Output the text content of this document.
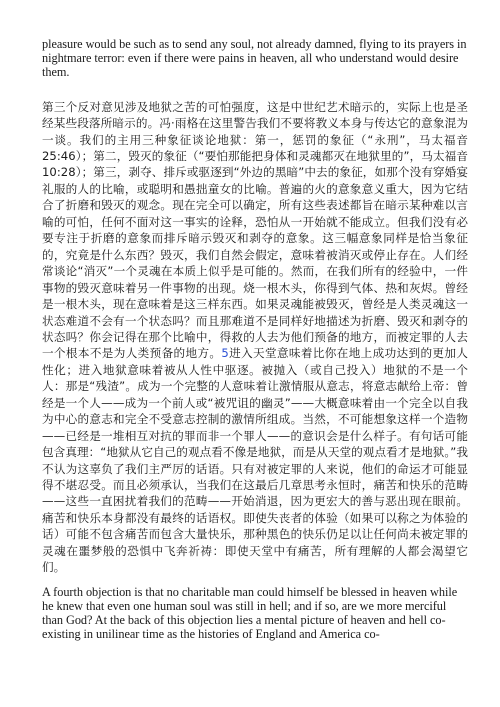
pleasure would be such as to send any soul, not already damned, flying to its prayers in nightmare terror: even if there were pains in heaven, all who understand would desire them.

第三个反对意见涉及地狱之苦的可怕强度，这是中世纪艺术暗示的，实际上也是圣经某些段落所暗示的。冯·雨格在这里警告我们不要将教义本身与传达它的意象混为一谈。我们的主用三种象征谈论地狱：第一，惩罚的象征（“永刑”，马太福音25:46）；第二，毁灭的象征（“要怕那能把身体和灵魂都灭在地狱里的”，马太福音10:28）；第三，剥夺、排斥或驱逐到“外边的黑暗”中去的象征，如那个没有穿婚宴礼服的人的比喻，或聪明和愚拙童女的比喻。普遍的火的意象意义重大，因为它结合了折磨和毁灭的观念。现在完全可以确定，所有这些表述都旨在暗示某种难以言喻的可怕，任何不面对这一事实的诠释，恐怕从一开始就不能成立。但我们没有必要专注于折磨的意象而排斥暗示毁灭和剥夺的意象。这三幅意象同样是恰当象征的，究竟是什么东西？毁灭，我们自然会假定，意味着被消灭或停止存在。人们经常谈论“消灭”一个灵魂在本质上似乎是可能的。然而，在我们所有的经验中，一件事物的毁灭意味着另一件事物的出现。烧一根木头，你得到气体、热和灰烬。曾经是一根木头，现在意味着是这三样东西。如果灵魂能被毁灭，曾经是人类灵魂这一状态难道不会有一个状态吗？而且那难道不是同样好地描述为折磨、毁灭和剥夺的状态吗？你会记得在那个比喻中，得救的人去为他们预备的地方，而被定罪的人去一个根本不是为人类预备的地方。5进入天堂意味着比你在地上成功达到的更加人性化；进入地狱意味着被从人性中驱逐。被抛入（或自己投入）地狱的不是一个人：那是“残渣”。成为一个完整的人意味着让激情服从意志，将意志献给上帝：曾经是一个人——成为一个前人或“被咒诅的幽灵”——大概意味着由一个完全以自我为中心的意志和完全不受意志控制的激情所组成。当然，不可能想象这样一个造物——已经是一堆相互对抗的罪而非一个罪人——的意识会是什么样子。有句话可能包含真理：“地狱从它自己的观点看不像是地狱，而是从天堂的观点看才是地狱。”我不认为这辜负了我们主严厉的话语。只有对被定罪的人来说，他们的命运才可能显得不堪忍受。而且必须承认，当我们在这最后几章思考永恒时，痛苦和快乐的范畴——这些一直困扰着我们的范畴——开始消退，因为更宏大的善与恶出现在眼前。痛苦和快乐本身都没有最终的话语权。即使失丧者的体验（如果可以称之为体验的话）可能不包含痛苦而包含大量快乐，那种黑色的快乐仍足以让任何尚未被定罪的灵魂在噩梦般的恐惧中飞奔祈祷：即使天堂中有痛苦，所有理解的人都会渴望它们。

A fourth objection is that no charitable man could himself be blessed in heaven while he knew that even one human soul was still in hell; and if so, are we more merciful than God? At the back of this objection lies a mental picture of heaven and hell co-existing in unilinear time as the histories of England and America co-
